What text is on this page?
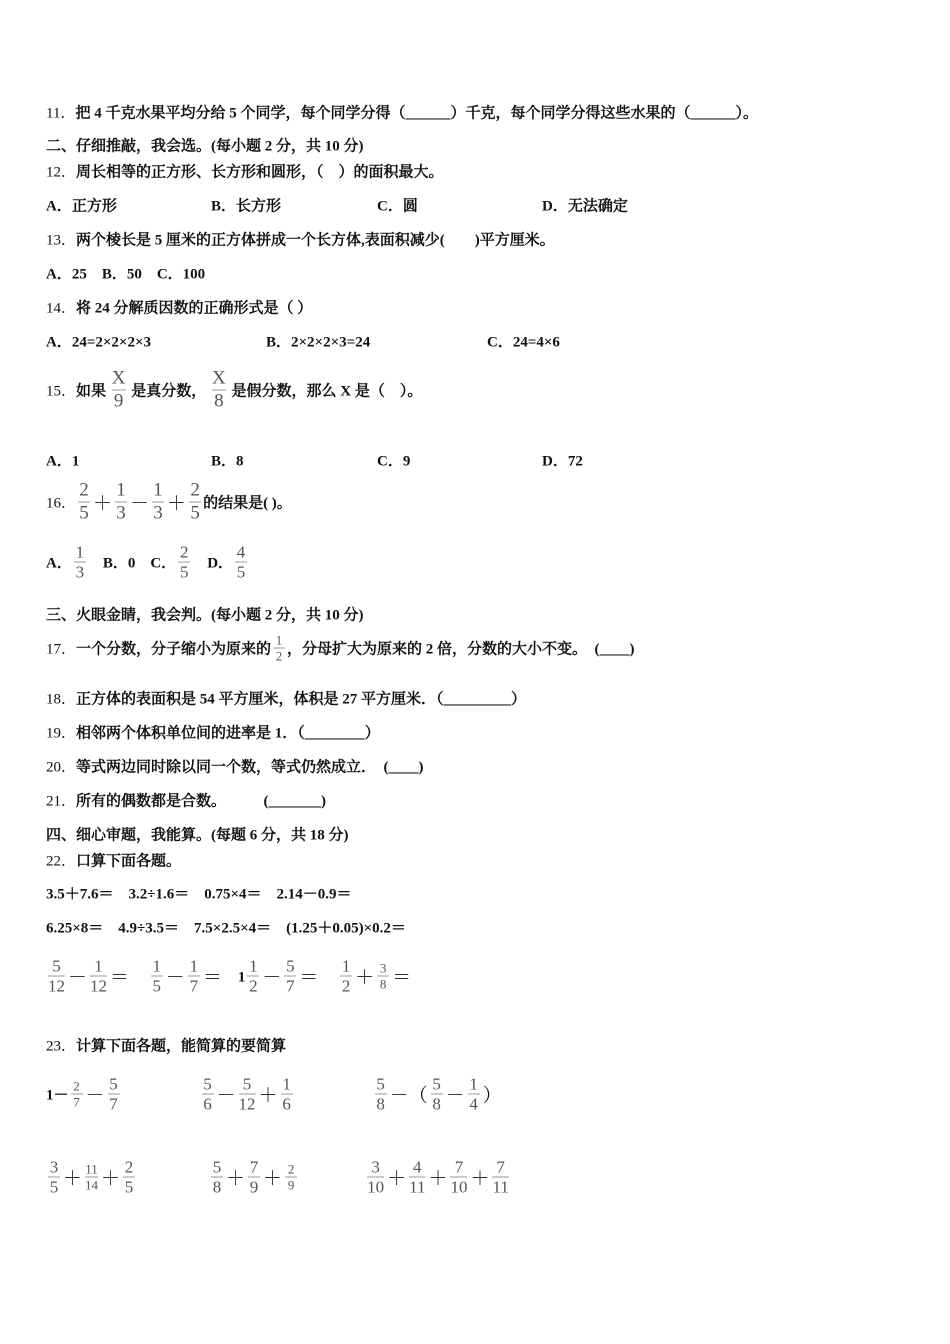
11． 把 4 千克水果平均分给 5 个同学，每个同学分得（______）千克，每个同学分得这些水果的（______）。
二、仔细推敲，我会选。(每小题 2 分，共 10 分)
12． 周长相等的正方形、长方形和圆形，（　）的面积最大。
A．正方形	B．长方形	C．圆	D．无法确定
13． 两个棱长是 5 厘米的正方体拼成一个长方体,表面积减少(　　)平方厘米。
A．25　B．50　C．100
14． 将 24 分解质因数的正确形式是（ ）
A．24=2×2×2×3	B．2×2×2×3=24	C．24=4×6
15． 如果
X
9 是真分数，
X
8 是假分数，那么 X 是（　）。
A．1	B．8	C．9	D．72
16．
2
5 ＋
1
3 －
1
3 ＋
2
5 的结果是( )。
A．
1
3 　B．0　C．
2
5 　D．
4
5
三、火眼金睛，我会判。(每小题 2 分，共 10 分)
17． 一个分数，分子缩小为原来的
1
2 ，分母扩大为原来的 2 倍，分数的大小不变。　(____)
18． 正方体的表面积是 54 平方厘米，体积是 27 平方厘米．（_________）
19． 相邻两个体积单位间的进率是 1．（________）
20． 等式两边同时除以同一个数，等式仍然成立．　(____)
21． 所有的偶数都是合数。　　　(_______)
四、细心审题，我能算。(每题 6 分，共 18 分)
22． 口算下面各题。
3.5＋7.6＝　3.2÷1.6＝　0.75×4＝　2.14－0.9＝
6.25×8＝　4.9÷3.5＝　7.5×2.5×4＝　(1.25＋0.05)×0.2＝
5
12 －
1
12 ＝

1
5 －
1
7 ＝ 　1
1
2 －
5
7 ＝

1
2 ＋ 3
8 ＝
23． 计算下面各题，能简算的要简算
1－
2
7 －
5
7
5
6 －
5
12 ＋
1
6
5
8 －（
5
8 －
1
4 ）
3
5 ＋ 11
14 ＋
2
5
5
8 ＋
7
9 ＋ 2
9
3
10 ＋
4
11 ＋
7
10 ＋
7
11
